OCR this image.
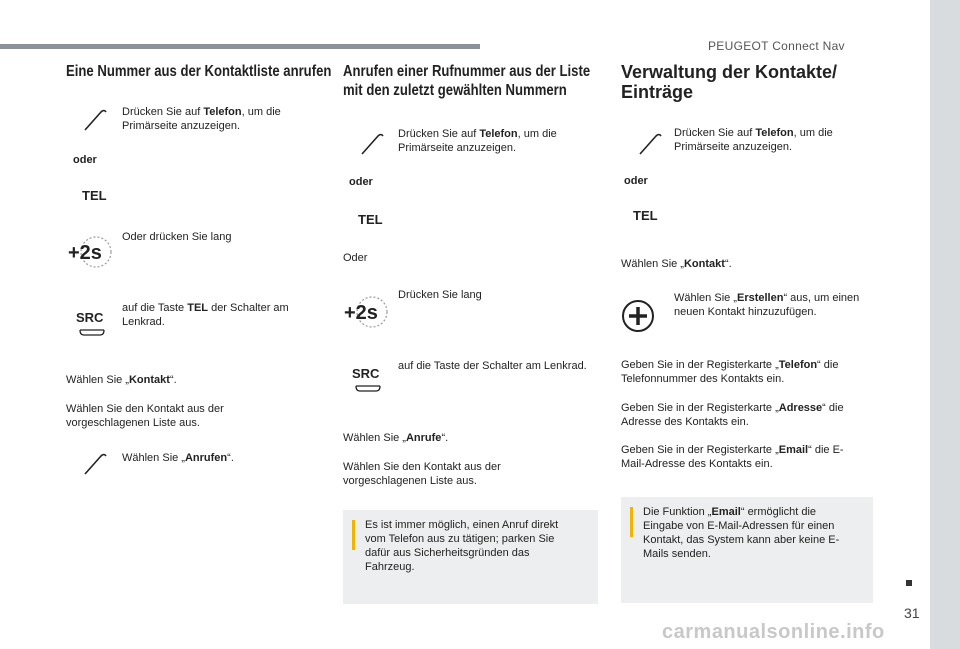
PEUGEOT Connect Nav
31
carmanualsonline.info
Eine Nummer aus der Kontaktliste anrufen
Drücken Sie auf Telefon, um die Primärseite anzuzeigen.
oder
TEL
+2s
Oder drücken Sie lang
SRC
auf die Taste TEL der Schalter am Lenkrad.
Wählen Sie „Kontakt“.
Wählen Sie den Kontakt aus der vorgeschlagenen Liste aus.
Wählen Sie „Anrufen“.
Anrufen einer Rufnummer aus der Liste
mit den zuletzt gewählten Nummern
Drücken Sie auf Telefon, um die Primärseite anzuzeigen.
oder
TEL
Oder
+2s
Drücken Sie lang
SRC auf die Taste der Schalter am Lenkrad.
Wählen Sie „Anrufe“.
Wählen Sie den Kontakt aus der vorgeschlagenen Liste aus.
Es ist immer möglich, einen Anruf direkt vom Telefon aus zu tätigen; parken Sie dafür aus Sicherheitsgründen das Fahrzeug.
Verwaltung der Kontakte/
Einträge
Drücken Sie auf Telefon, um die Primärseite anzuzeigen.
oder
TEL
Wählen Sie „Kontakt“.
Wählen Sie „Erstellen“ aus, um einen neuen Kontakt hinzuzufügen.
Geben Sie in der Registerkarte „Telefon“ die Telefonnummer des Kontakts ein.
Geben Sie in der Registerkarte „Adresse“ die Adresse des Kontakts ein.
Geben Sie in der Registerkarte „Email“ die E-Mail-Adresse des Kontakts ein.
Die Funktion „Email“ ermöglicht die Eingabe von E-Mail-Adressen für einen Kontakt, das System kann aber keine E-Mails senden.
